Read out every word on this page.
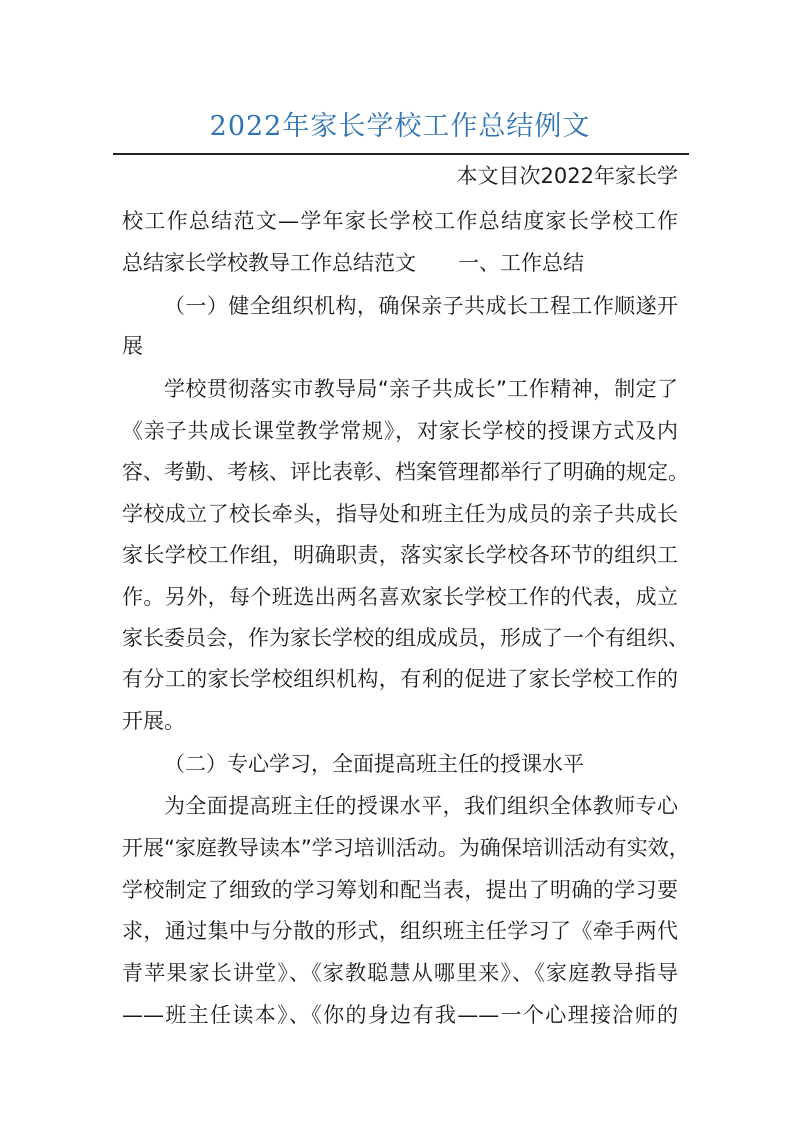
2022年家长学校工作总结例文
本文目次2022年家长学
校工作总结范文—学年家长学校工作总结度家长学校工作
总结家长学校教导工作总结范文　　一、工作总结
（一）健全组织机构，确保亲子共成长工程工作顺遂开
展
学校贯彻落实市教导局“亲子共成长”工作精神，制定了
《亲子共成长课堂教学常规》，对家长学校的授课方式及内
容、考勤、考核、评比表彰、档案管理都举行了明确的规定。
学校成立了校长牵头，指导处和班主任为成员的亲子共成长
家长学校工作组，明确职责，落实家长学校各环节的组织工
作。另外，每个班选出两名喜欢家长学校工作的代表，成立
家长委员会，作为家长学校的组成成员，形成了一个有组织、
有分工的家长学校组织机构，有利的促进了家长学校工作的
开展。
（二）专心学习，全面提高班主任的授课水平
为全面提高班主任的授课水平，我们组织全体教师专心
开展“家庭教导读本”学习培训活动。为确保培训活动有实效，
学校制定了细致的学习筹划和配当表，提出了明确的学习要
求，通过集中与分散的形式，组织班主任学习了《牵手两代
青苹果家长讲堂》、《家教聪慧从哪里来》、《家庭教导指导
——班主任读本》、《你的身边有我——一个心理接洽师的
